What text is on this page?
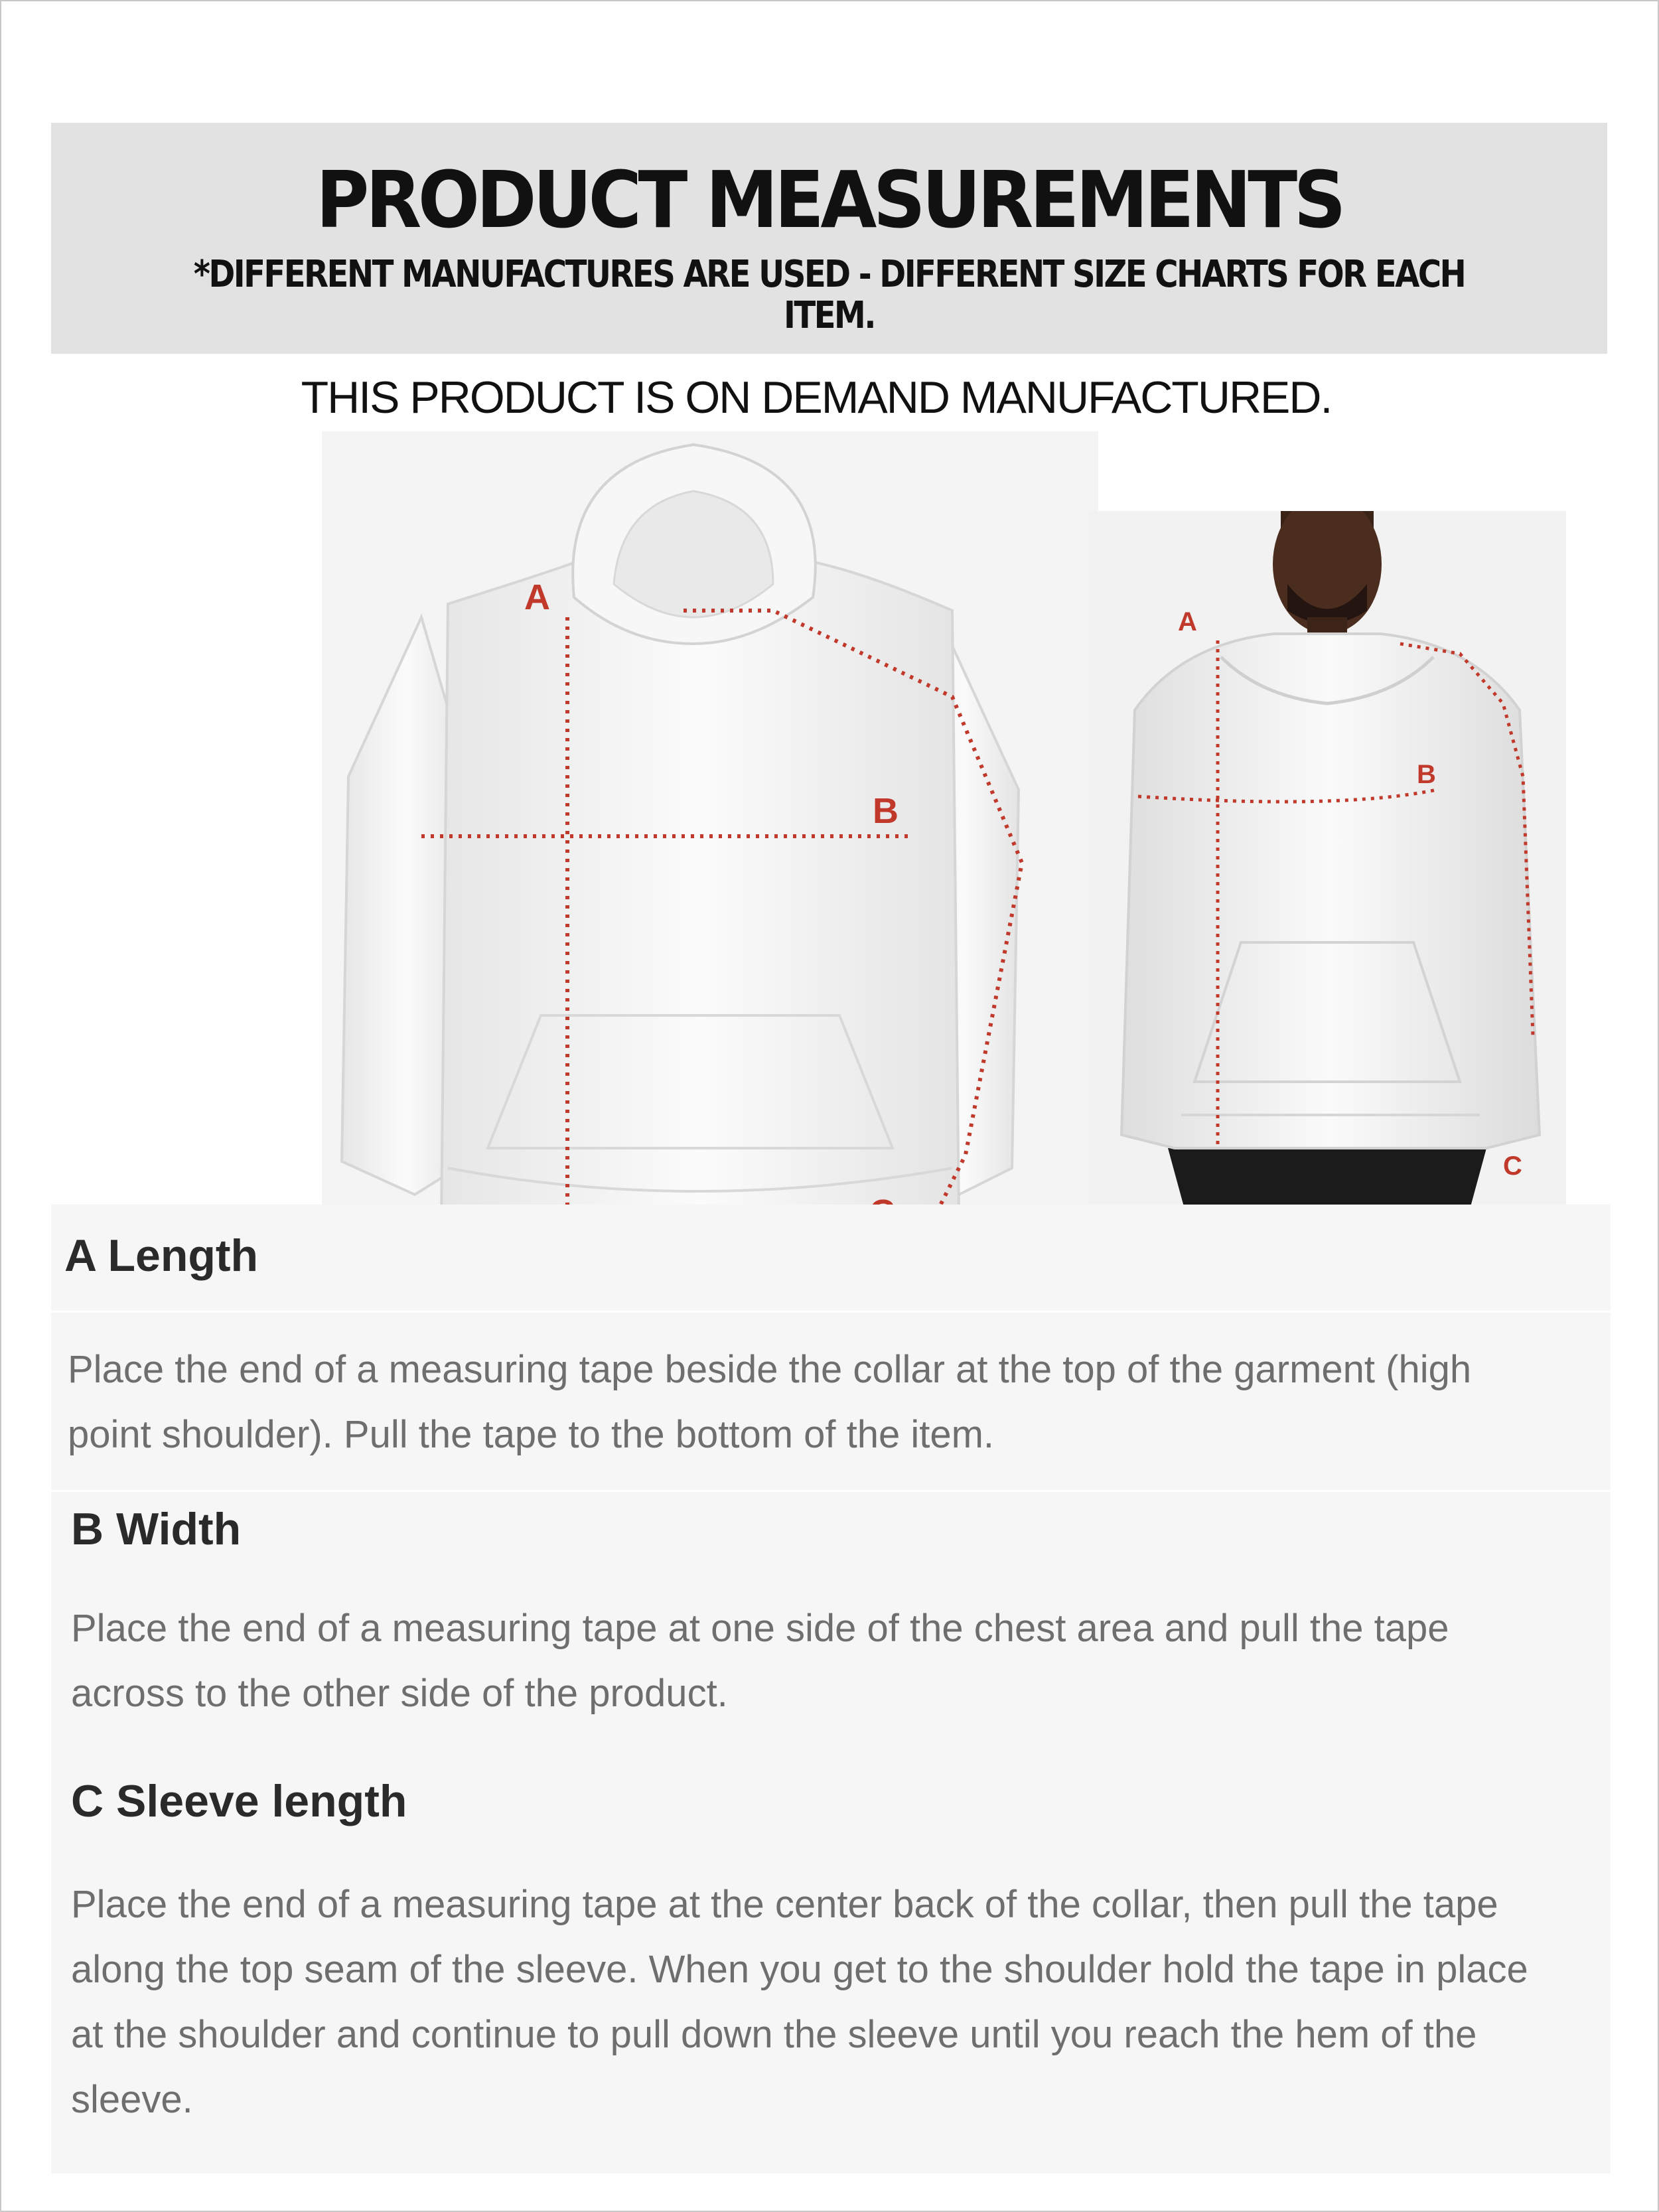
PRODUCT MEASUREMENTS

*DIFFERENT MANUFACTURES ARE USED - DIFFERENT SIZE CHARTS FOR EACH ITEM.

THIS PRODUCT IS ON DEMAND MANUFACTURED.

A
B
A
B
C
A Length

Place the end of a measuring tape beside the collar at the top of the garment (high point shoulder). Pull the tape to the bottom of the item.

B Width

Place the end of a measuring tape at one side of the chest area and pull the tape across to the other side of the product.

C Sleeve length

Place the end of a measuring tape at the center back of the collar, then pull the tape along the top seam of the sleeve. When you get to the shoulder hold the tape in place at the shoulder and continue to pull down the sleeve until you reach the hem of the sleeve.
